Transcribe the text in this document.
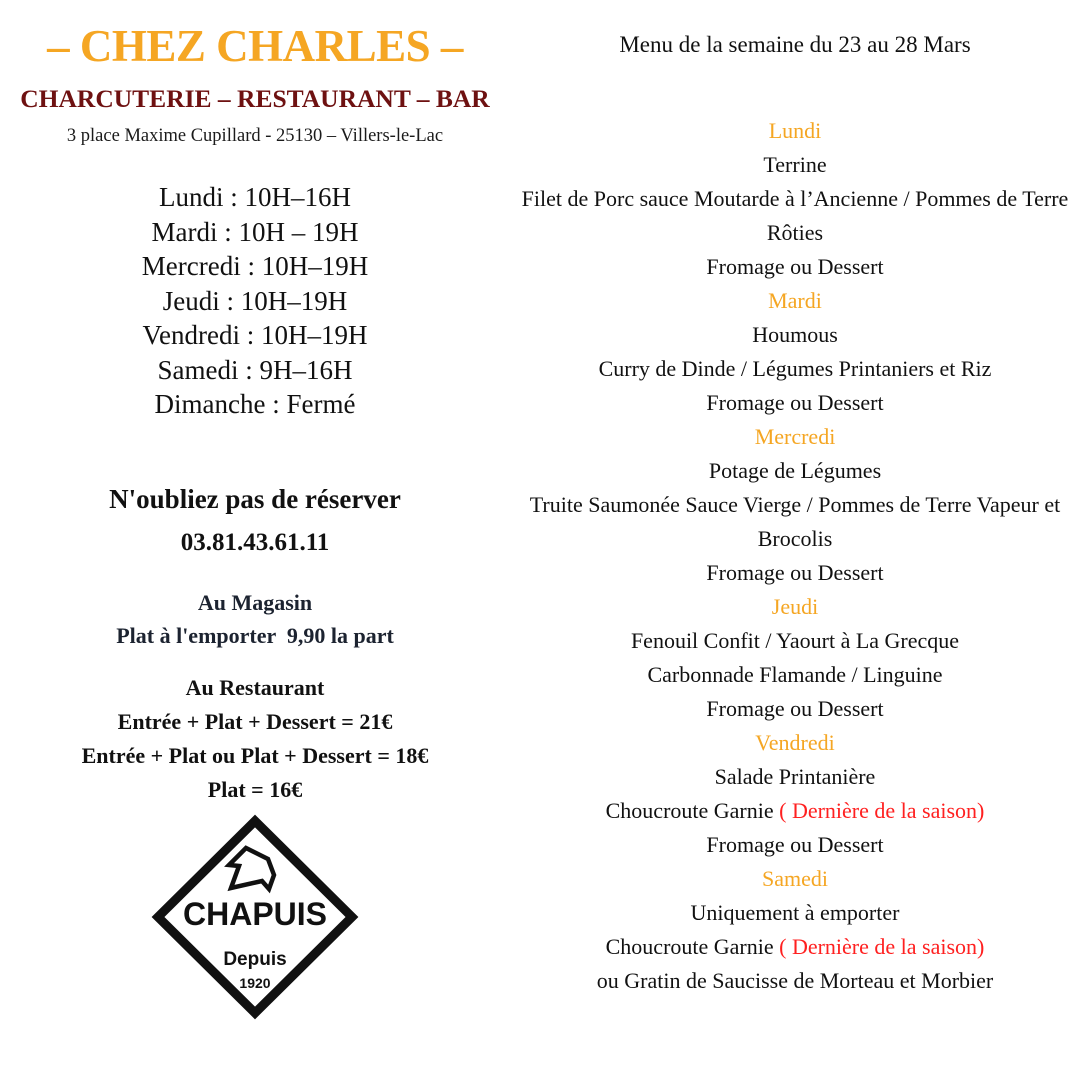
– CHEZ CHARLES –
CHARCUTERIE – RESTAURANT – BAR
3 place Maxime Cupillard - 25130 – Villers-le-Lac
Lundi : 10H–16H
Mardi : 10H – 19H
Mercredi : 10H–19H
Jeudi : 10H–19H
Vendredi : 10H–19H
Samedi : 9H–16H
Dimanche : Fermé
N'oubliez pas de réserver
03.81.43.61.11
Au Magasin
Plat à l'emporter  9,90 la part
Au Restaurant
Entrée + Plat + Dessert = 21€
Entrée + Plat ou Plat + Dessert = 18€
Plat = 16€
CHAPUIS
Depuis
1920
Menu de la semaine du 23 au 28 Mars
Lundi
Terrine
Filet de Porc sauce Moutarde à l’Ancienne / Pommes de Terre Rôties
Fromage ou Dessert
Mardi
Houmous
Curry de Dinde / Légumes Printaniers et Riz
Fromage ou Dessert
Mercredi
Potage de Légumes
Truite Saumonée Sauce Vierge / Pommes de Terre Vapeur et Brocolis
Fromage ou Dessert
Jeudi
Fenouil Confit / Yaourt à La Grecque
Carbonnade Flamande / Linguine
Fromage ou Dessert
Vendredi
Salade Printanière
Choucroute Garnie ( Dernière de la saison)
Fromage ou Dessert
Samedi
Uniquement à emporter
Choucroute Garnie ( Dernière de la saison)
ou Gratin de Saucisse de Morteau et Morbier
